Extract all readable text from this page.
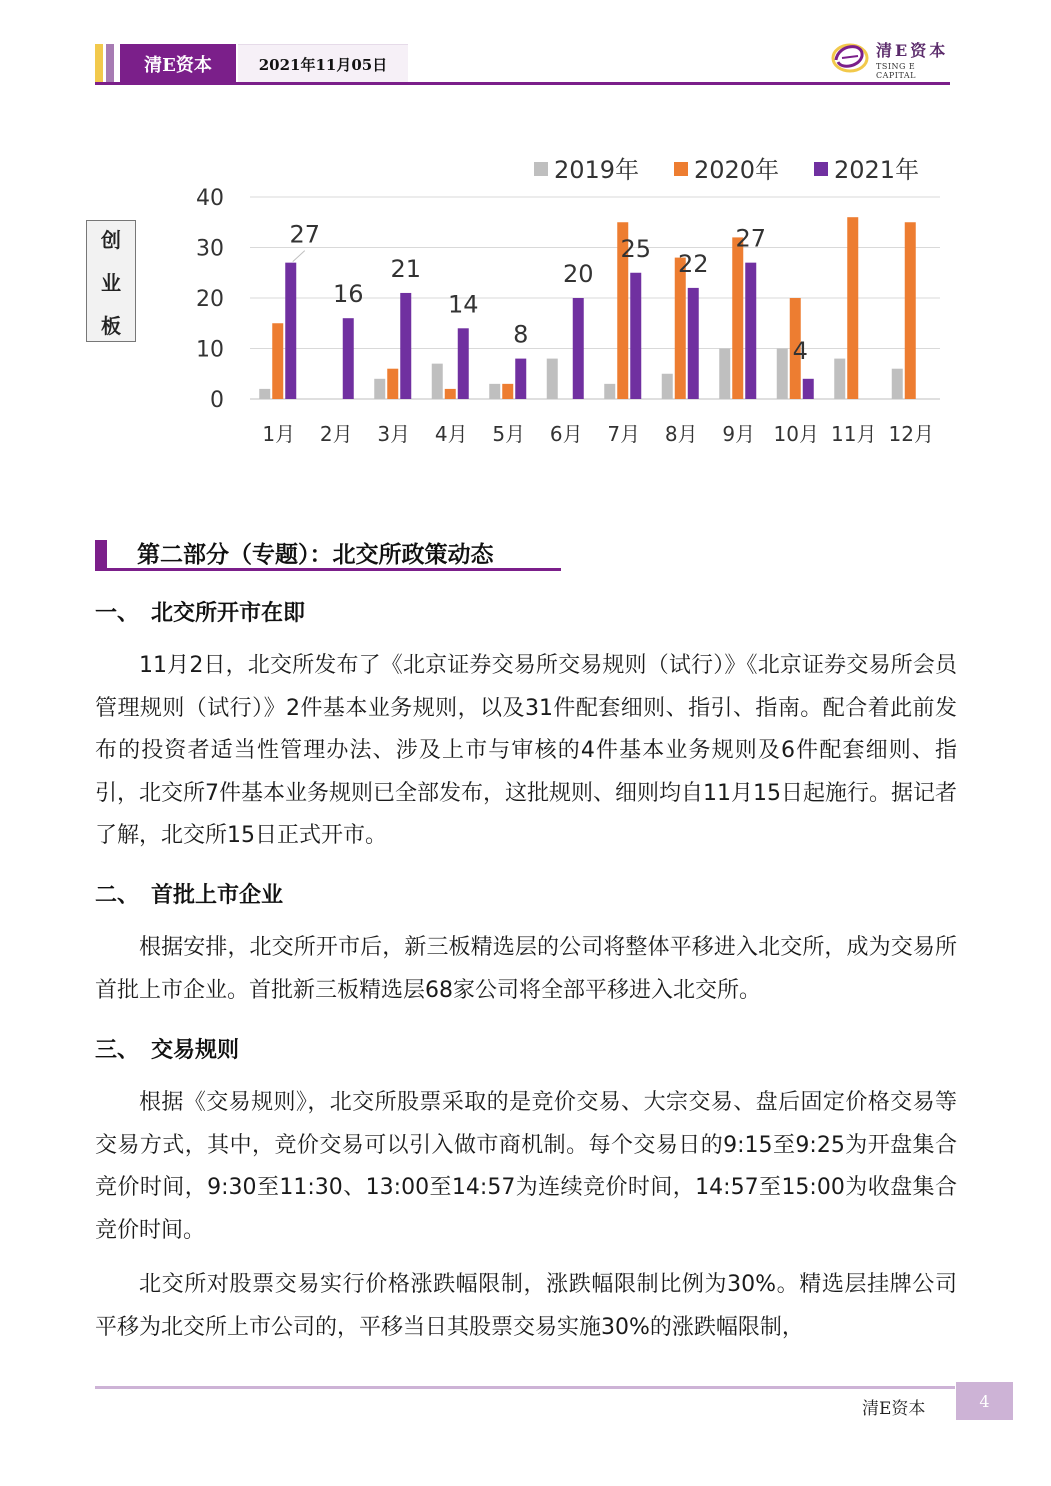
清E资本	2021年11月05日
清E资本
TSING E CAPITAL
创
业
板
0
10
20
30
40
27
16
21
14
8
20
25
22
27
4
1月 2月 3月 4月 5月 6月 7月 8月 9月 10月 11月 12月
2019年 2020年 2021年
第二部分（专题）：北交所政策动态
一、 北交所开市在即

11月2日，北交所发布了《北京证券交易所交易规则（试行）》《北京证券交易所会员管理规则（试行）》2件基本业务规则，以及31件配套细则、指引、指南。配合着此前发布的投资者适当性管理办法、涉及上市与审核的4件基本业务规则及6件配套细则、指引，北交所7件基本业务规则已全部发布，这批规则、细则均自11月15日起施行。据记者了解，北交所15日正式开市。

二、 首批上市企业

根据安排，北交所开市后，新三板精选层的公司将整体平移进入北交所，成为交易所首批上市企业。首批新三板精选层68家公司将全部平移进入北交所。

三、 交易规则

根据《交易规则》，北交所股票采取的是竞价交易、大宗交易、盘后固定价格交易等交易方式，其中，竞价交易可以引入做市商机制。每个交易日的9:15至9:25为开盘集合竞价时间，9:30至11:30、13:00至14:57为连续竞价时间，14:57至15:00为收盘集合竞价时间。

北交所对股票交易实行价格涨跌幅限制，涨跌幅限制比例为30%。精选层挂牌公司平移为北交所上市公司的，平移当日其股票交易实施30%的涨跌幅限制，

清E资本	4
